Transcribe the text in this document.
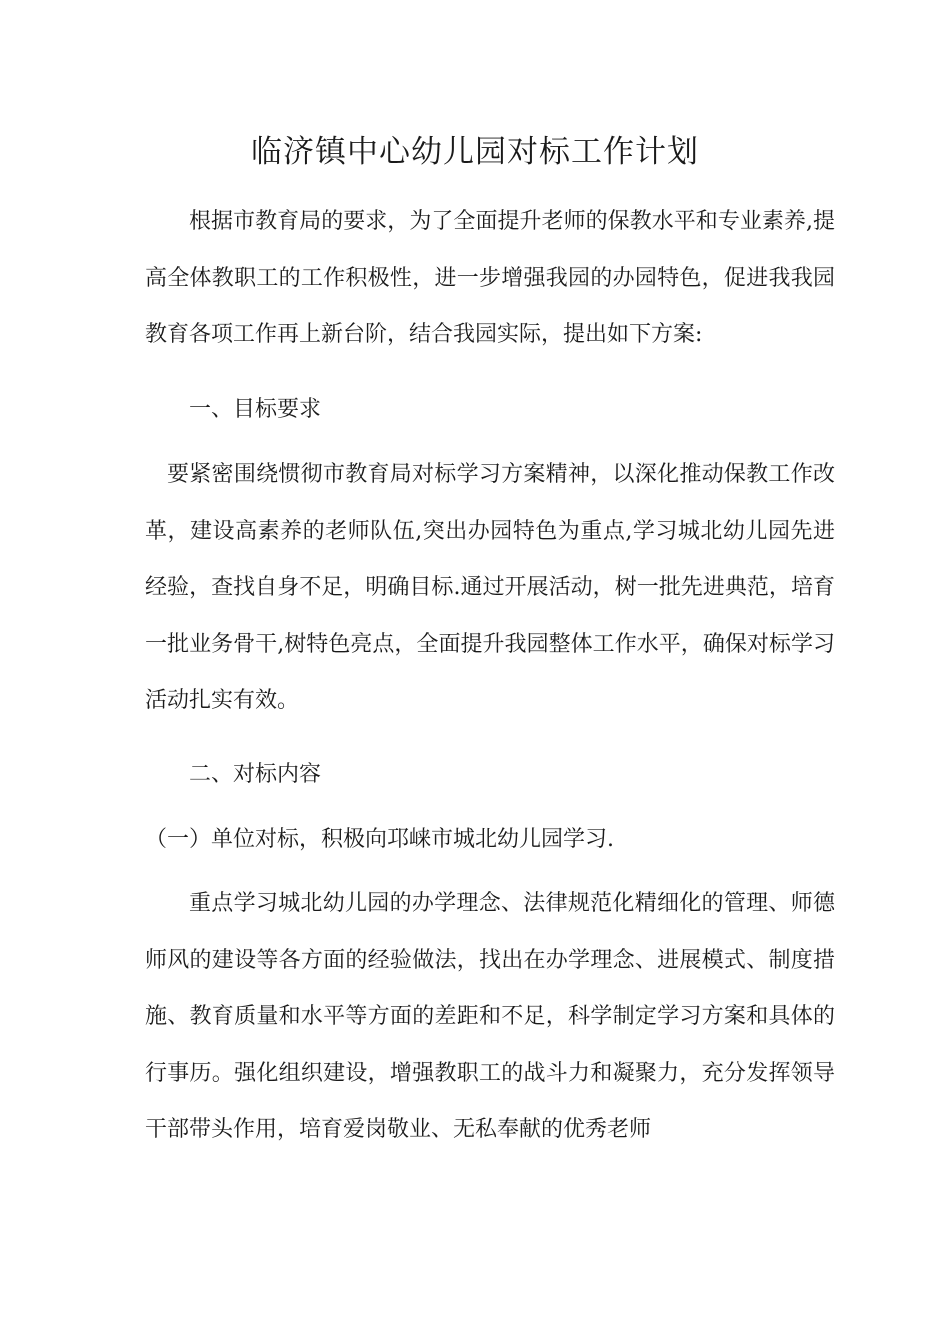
临济镇中心幼儿园对标工作计划

根据市教育局的要求，为了全面提升老师的保教水平和专业素养,提高全体教职工的工作积极性，进一步增强我园的办园特色，促进我我园教育各项工作再上新台阶，结合我园实际，提出如下方案:

一、目标要求

要紧密围绕惯彻市教育局对标学习方案精神，以深化推动保教工作改革，建设高素养的老师队伍,突出办园特色为重点,学习城北幼儿园先进经验，查找自身不足，明确目标.通过开展活动，树一批先进典范，培育一批业务骨干,树特色亮点，全面提升我园整体工作水平，确保对标学习活动扎实有效。

二、对标内容

（一）单位对标，积极向邛崃市城北幼儿园学习.

重点学习城北幼儿园的办学理念、法律规范化精细化的管理、师德师风的建设等各方面的经验做法，找出在办学理念、进展模式、制度措施、教育质量和水平等方面的差距和不足，科学制定学习方案和具体的行事历。强化组织建设，增强教职工的战斗力和凝聚力，充分发挥领导干部带头作用，培育爱岗敬业、无私奉献的优秀老师
